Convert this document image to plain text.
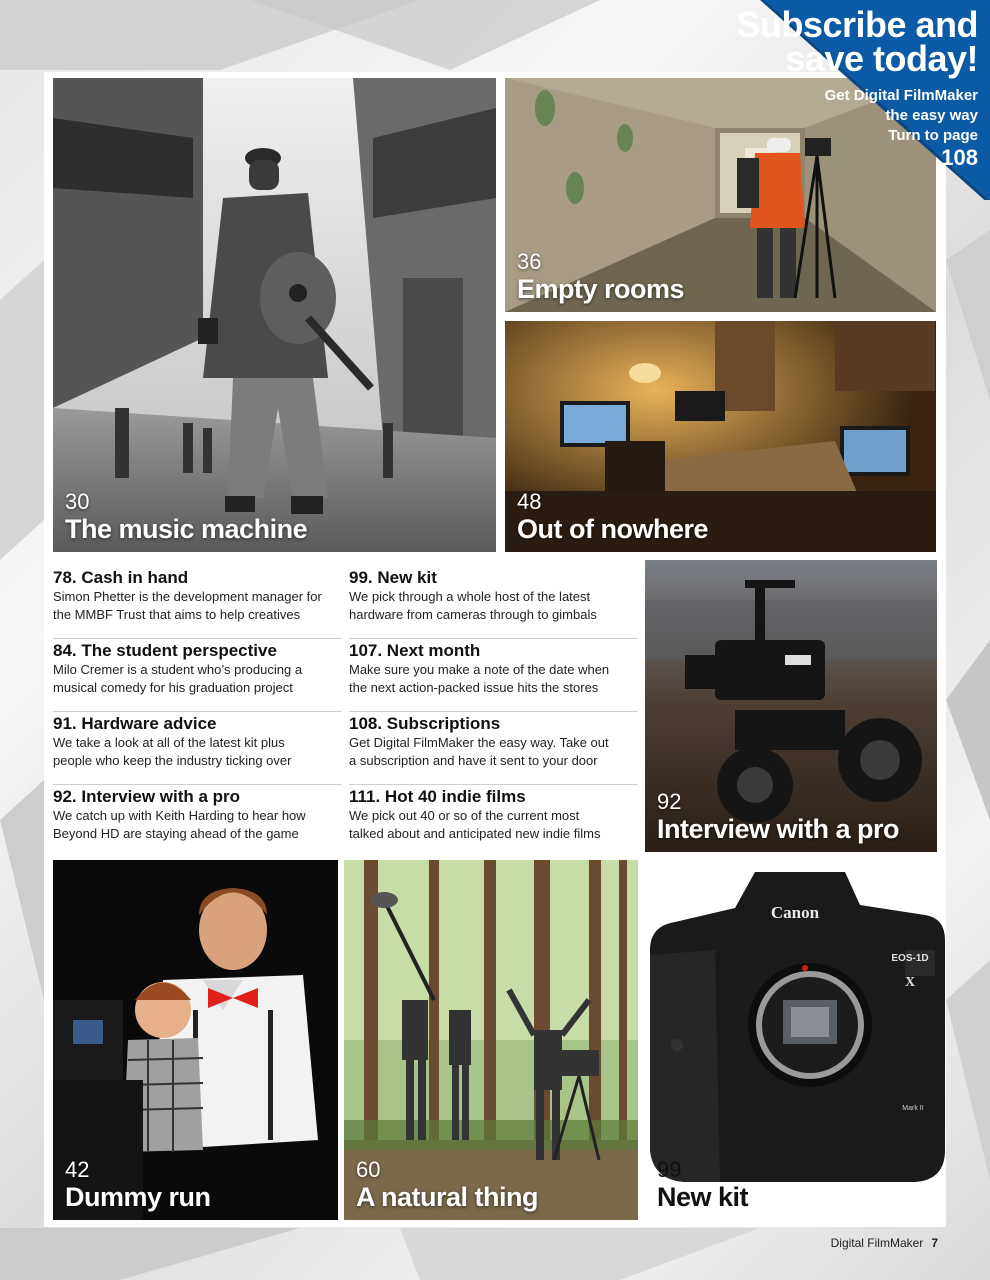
30
The music machine
36
Empty rooms
48
Out of nowhere
78. Cash in hand
Simon Phetter is the development manager for
the MMBF Trust that aims to help creatives
84. The student perspective
Milo Cremer is a student who’s producing a
musical comedy for his graduation project
91. Hardware advice
We take a look at all of the latest kit plus
people who keep the industry ticking over
92. Interview with a pro
We catch up with Keith Harding to hear how
Beyond HD are staying ahead of the game
99. New kit
We pick through a whole host of the latest
hardware from cameras through to gimbals
107. Next month
Make sure you make a note of the date when
the next action-packed issue hits the stores
108. Subscriptions
Get Digital FilmMaker the easy way. Take out
a subscription and have it sent to your door
111. Hot 40 indie films
We pick out 40 or so of the current most
talked about and anticipated new indie films
92
Interview with a pro
42
Dummy run
60
A natural thing
Canon
EOS-1D
X
Mark II
99
New kit
Subscribe and
save today!
Get Digital FilmMaker
the easy way
Turn to page
108
Digital FilmMaker 7
